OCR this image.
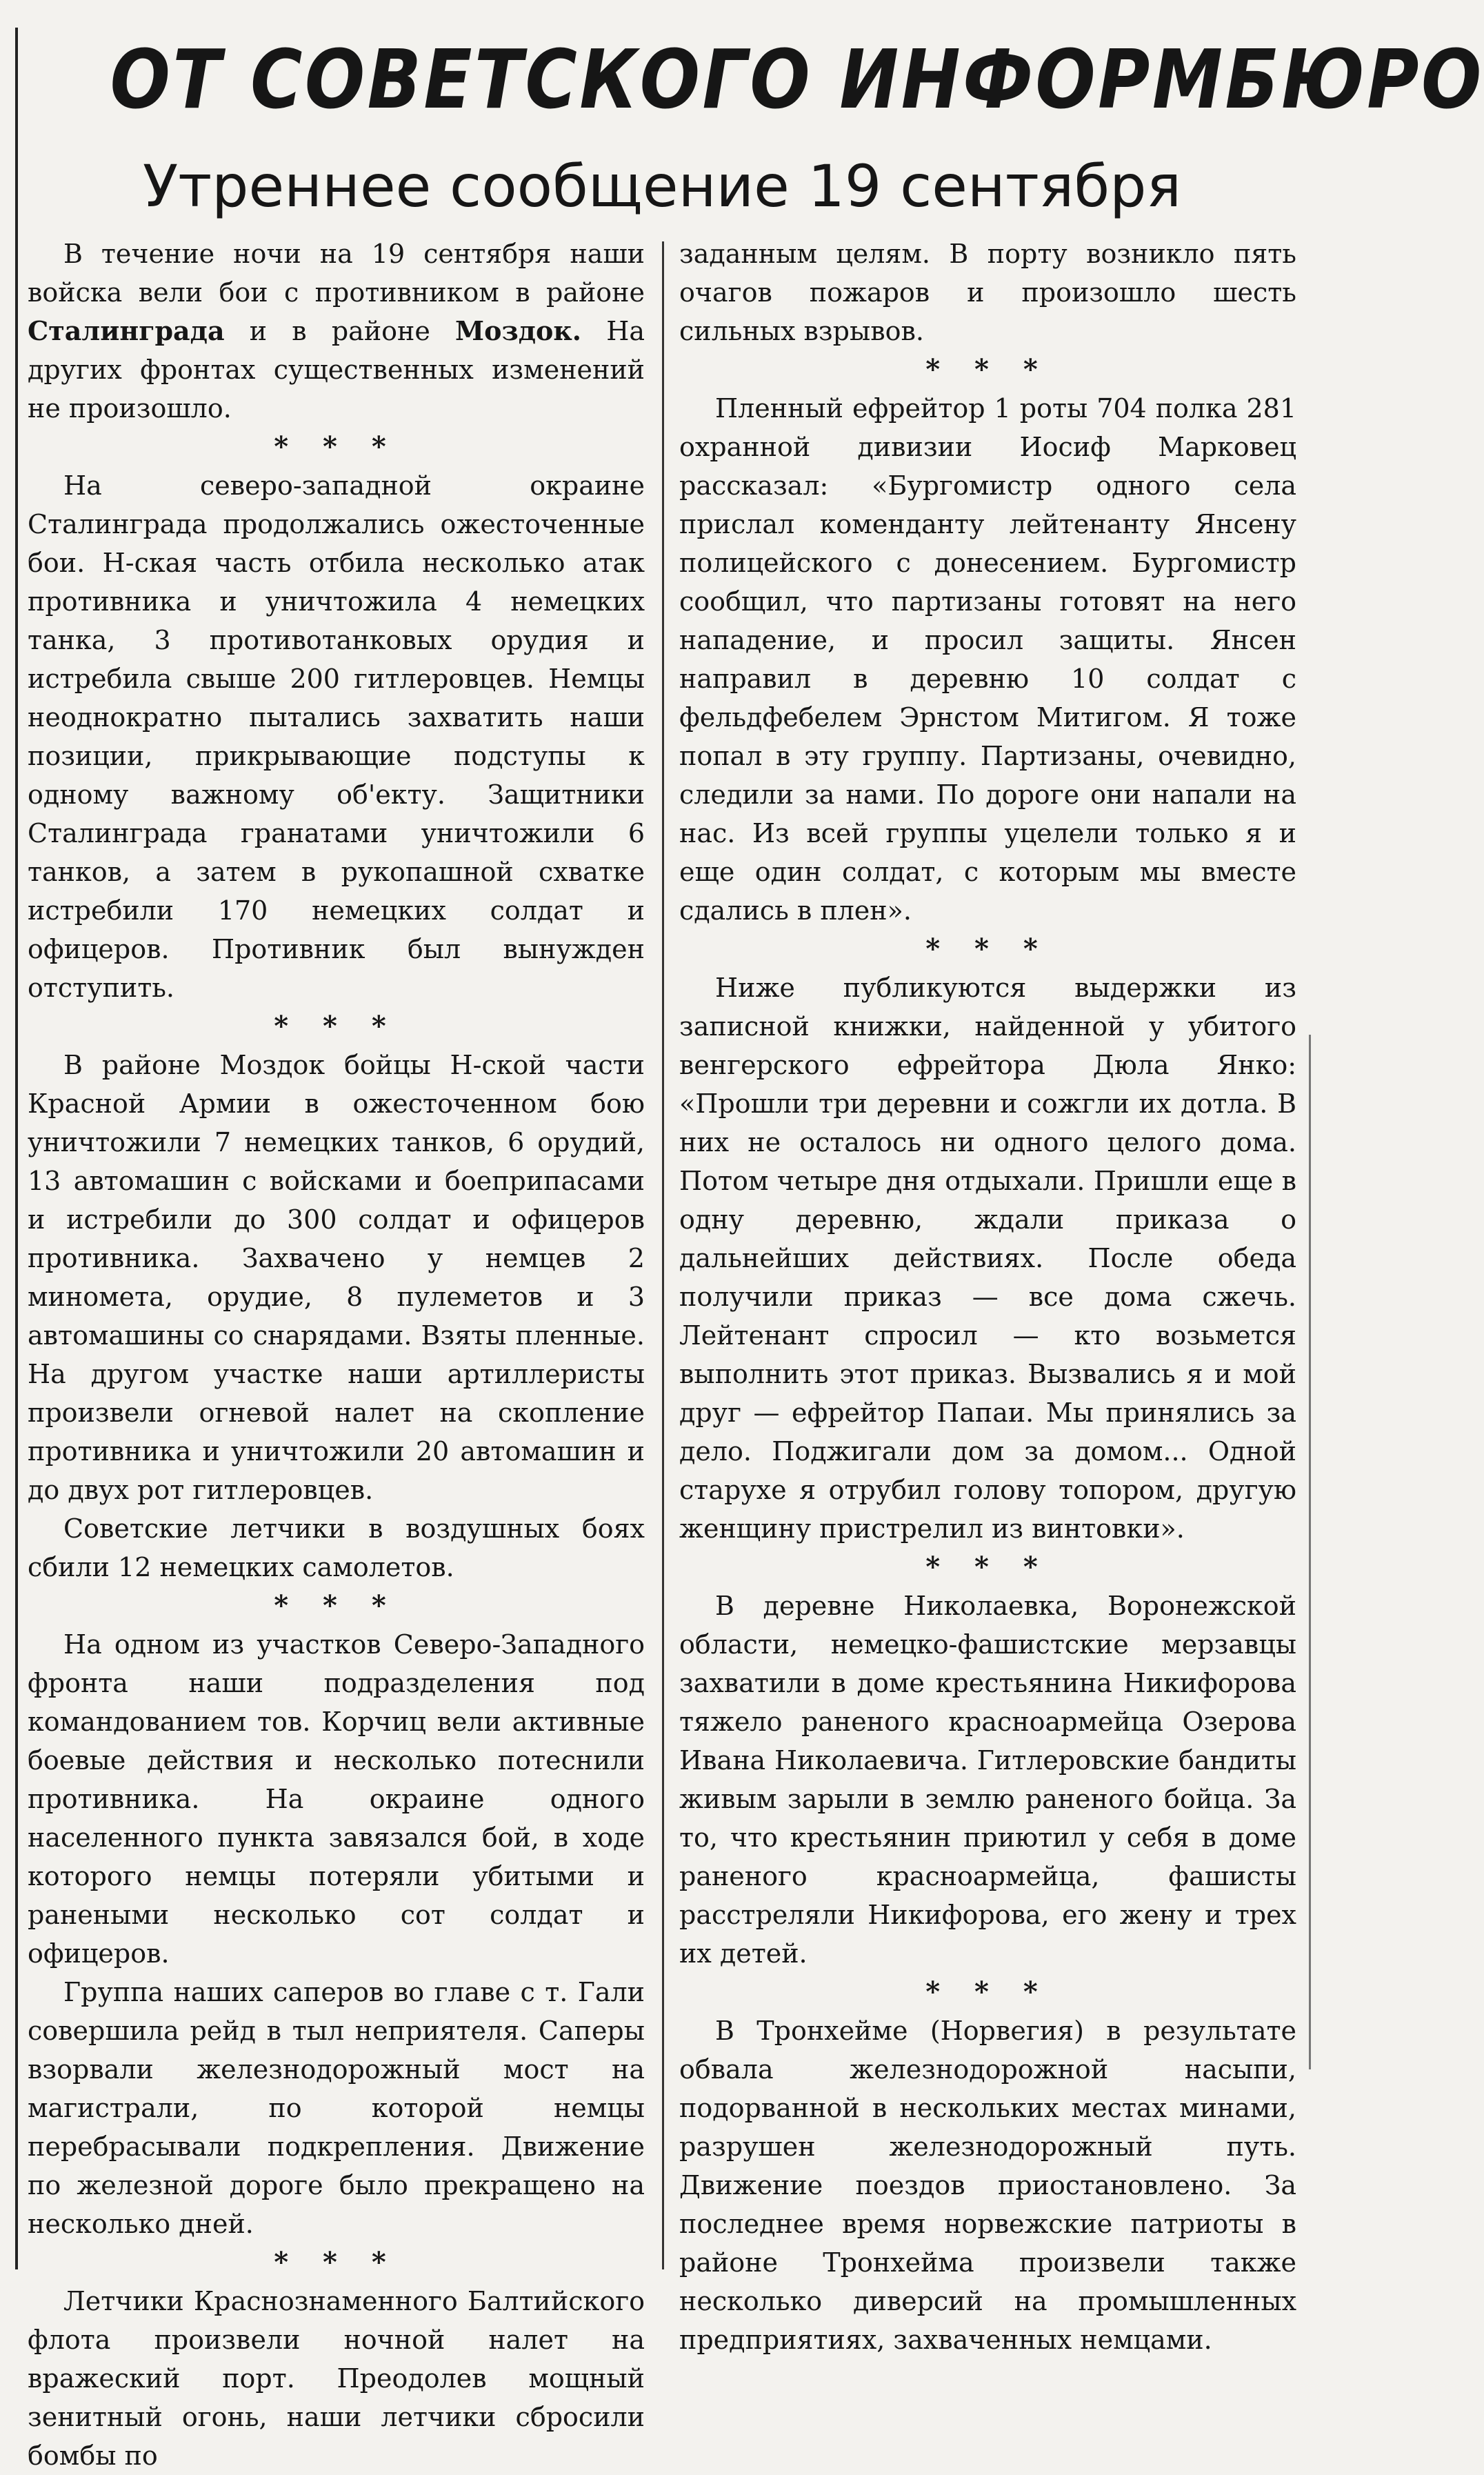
ОТ СОВЕТСКОГО ИНФОРМБЮРО
Утреннее сообщение 19 сентября

В течение ночи на 19 сентября наши войска вели бои с противником в районе Сталинграда и в районе Моздок. На других фронтах существенных изменений не произошло.

* * *

На северо-западной окраине Сталинграда продолжались ожесточенные бои. Н-ская часть отбила несколько атак противника и уничтожила 4 немецких танка, 3 противотанковых орудия и истребила свыше 200 гитлеровцев. Немцы неоднократно пытались захватить наши позиции, прикрывающие подступы к одному важному об'екту. Защитники Сталинграда гранатами уничтожили 6 танков, а затем в рукопашной схватке истребили 170 немецких солдат и офицеров. Противник был вынужден отступить.

* * *

В районе Моздок бойцы Н-ской части Красной Армии в ожесточенном бою уничтожили 7 немецких танков, 6 орудий, 13 автомашин с войсками и боеприпасами и истребили до 300 солдат и офицеров противника. Захвачено у немцев 2 миномета, орудие, 8 пулеметов и 3 автомашины со снарядами. Взяты пленные. На другом участке наши артиллеристы произвели огневой налет на скопление противника и уничтожили 20 автомашин и до двух рот гитлеровцев.

Советские летчики в воздушных боях сбили 12 немецких самолетов.

* * *

На одном из участков Северо-Западного фронта наши подразделения под командованием тов. Корчиц вели активные боевые действия и несколько потеснили противника. На окраине одного населенного пункта завязался бой, в ходе которого немцы потеряли убитыми и ранеными несколько сот солдат и офицеров.

Группа наших саперов во главе с т. Гали совершила рейд в тыл неприятеля. Саперы взорвали железнодорожный мост на магистрали, по которой немцы перебрасывали подкрепления. Движение по железной дороге было прекращено на несколько дней.

* * *

Летчики Краснознаменного Балтийского флота произвели ночной налет на вражеский порт. Преодолев мощный зенитный огонь, наши летчики сбросили бомбы по

заданным целям. В порту возникло пять очагов пожаров и произошло шесть сильных взрывов.

* * *

Пленный ефрейтор 1 роты 704 полка 281 охранной дивизии Иосиф Марковец рассказал: «Бургомистр одного села прислал коменданту лейтенанту Янсену полицейского с донесением. Бургомистр сообщил, что партизаны готовят на него нападение, и просил защиты. Янсен направил в деревню 10 солдат с фельдфебелем Эрнстом Митигом. Я тоже попал в эту группу. Партизаны, очевидно, следили за нами. По дороге они напали на нас. Из всей группы уцелели только я и еще один солдат, с которым мы вместе сдались в плен».

* * *

Ниже публикуются выдержки из записной книжки, найденной у убитого венгерского ефрейтора Дюла Янко: «Прошли три деревни и сожгли их дотла. В них не осталось ни одного целого дома. Потом четыре дня отдыхали. Пришли еще в одну деревню, ждали приказа о дальнейших действиях. После обеда получили приказ — все дома сжечь. Лейтенант спросил — кто возьмется выполнить этот приказ. Вызвались я и мой друг — ефрейтор Папаи. Мы принялись за дело. Поджигали дом за домом... Одной старухе я отрубил голову топором, другую женщину пристрелил из винтовки».

* * *

В деревне Николаевка, Воронежской области, немецко-фашистские мерзавцы захватили в доме крестьянина Никифорова тяжело раненого красноармейца Озерова Ивана Николаевича. Гитлеровские бандиты живым зарыли в землю раненого бойца. За то, что крестьянин приютил у себя в доме раненого красноармейца, фашисты расстреляли Никифорова, его жену и трех их детей.

* * *

В Тронхейме (Норвегия) в результате обвала железнодорожной насыпи, подорванной в нескольких местах минами, разрушен железнодорожный путь. Движение поездов приостановлено. За последнее время норвежские патриоты в районе Тронхейма произвели также несколько диверсий на промышленных предприятиях, захваченных немцами.
